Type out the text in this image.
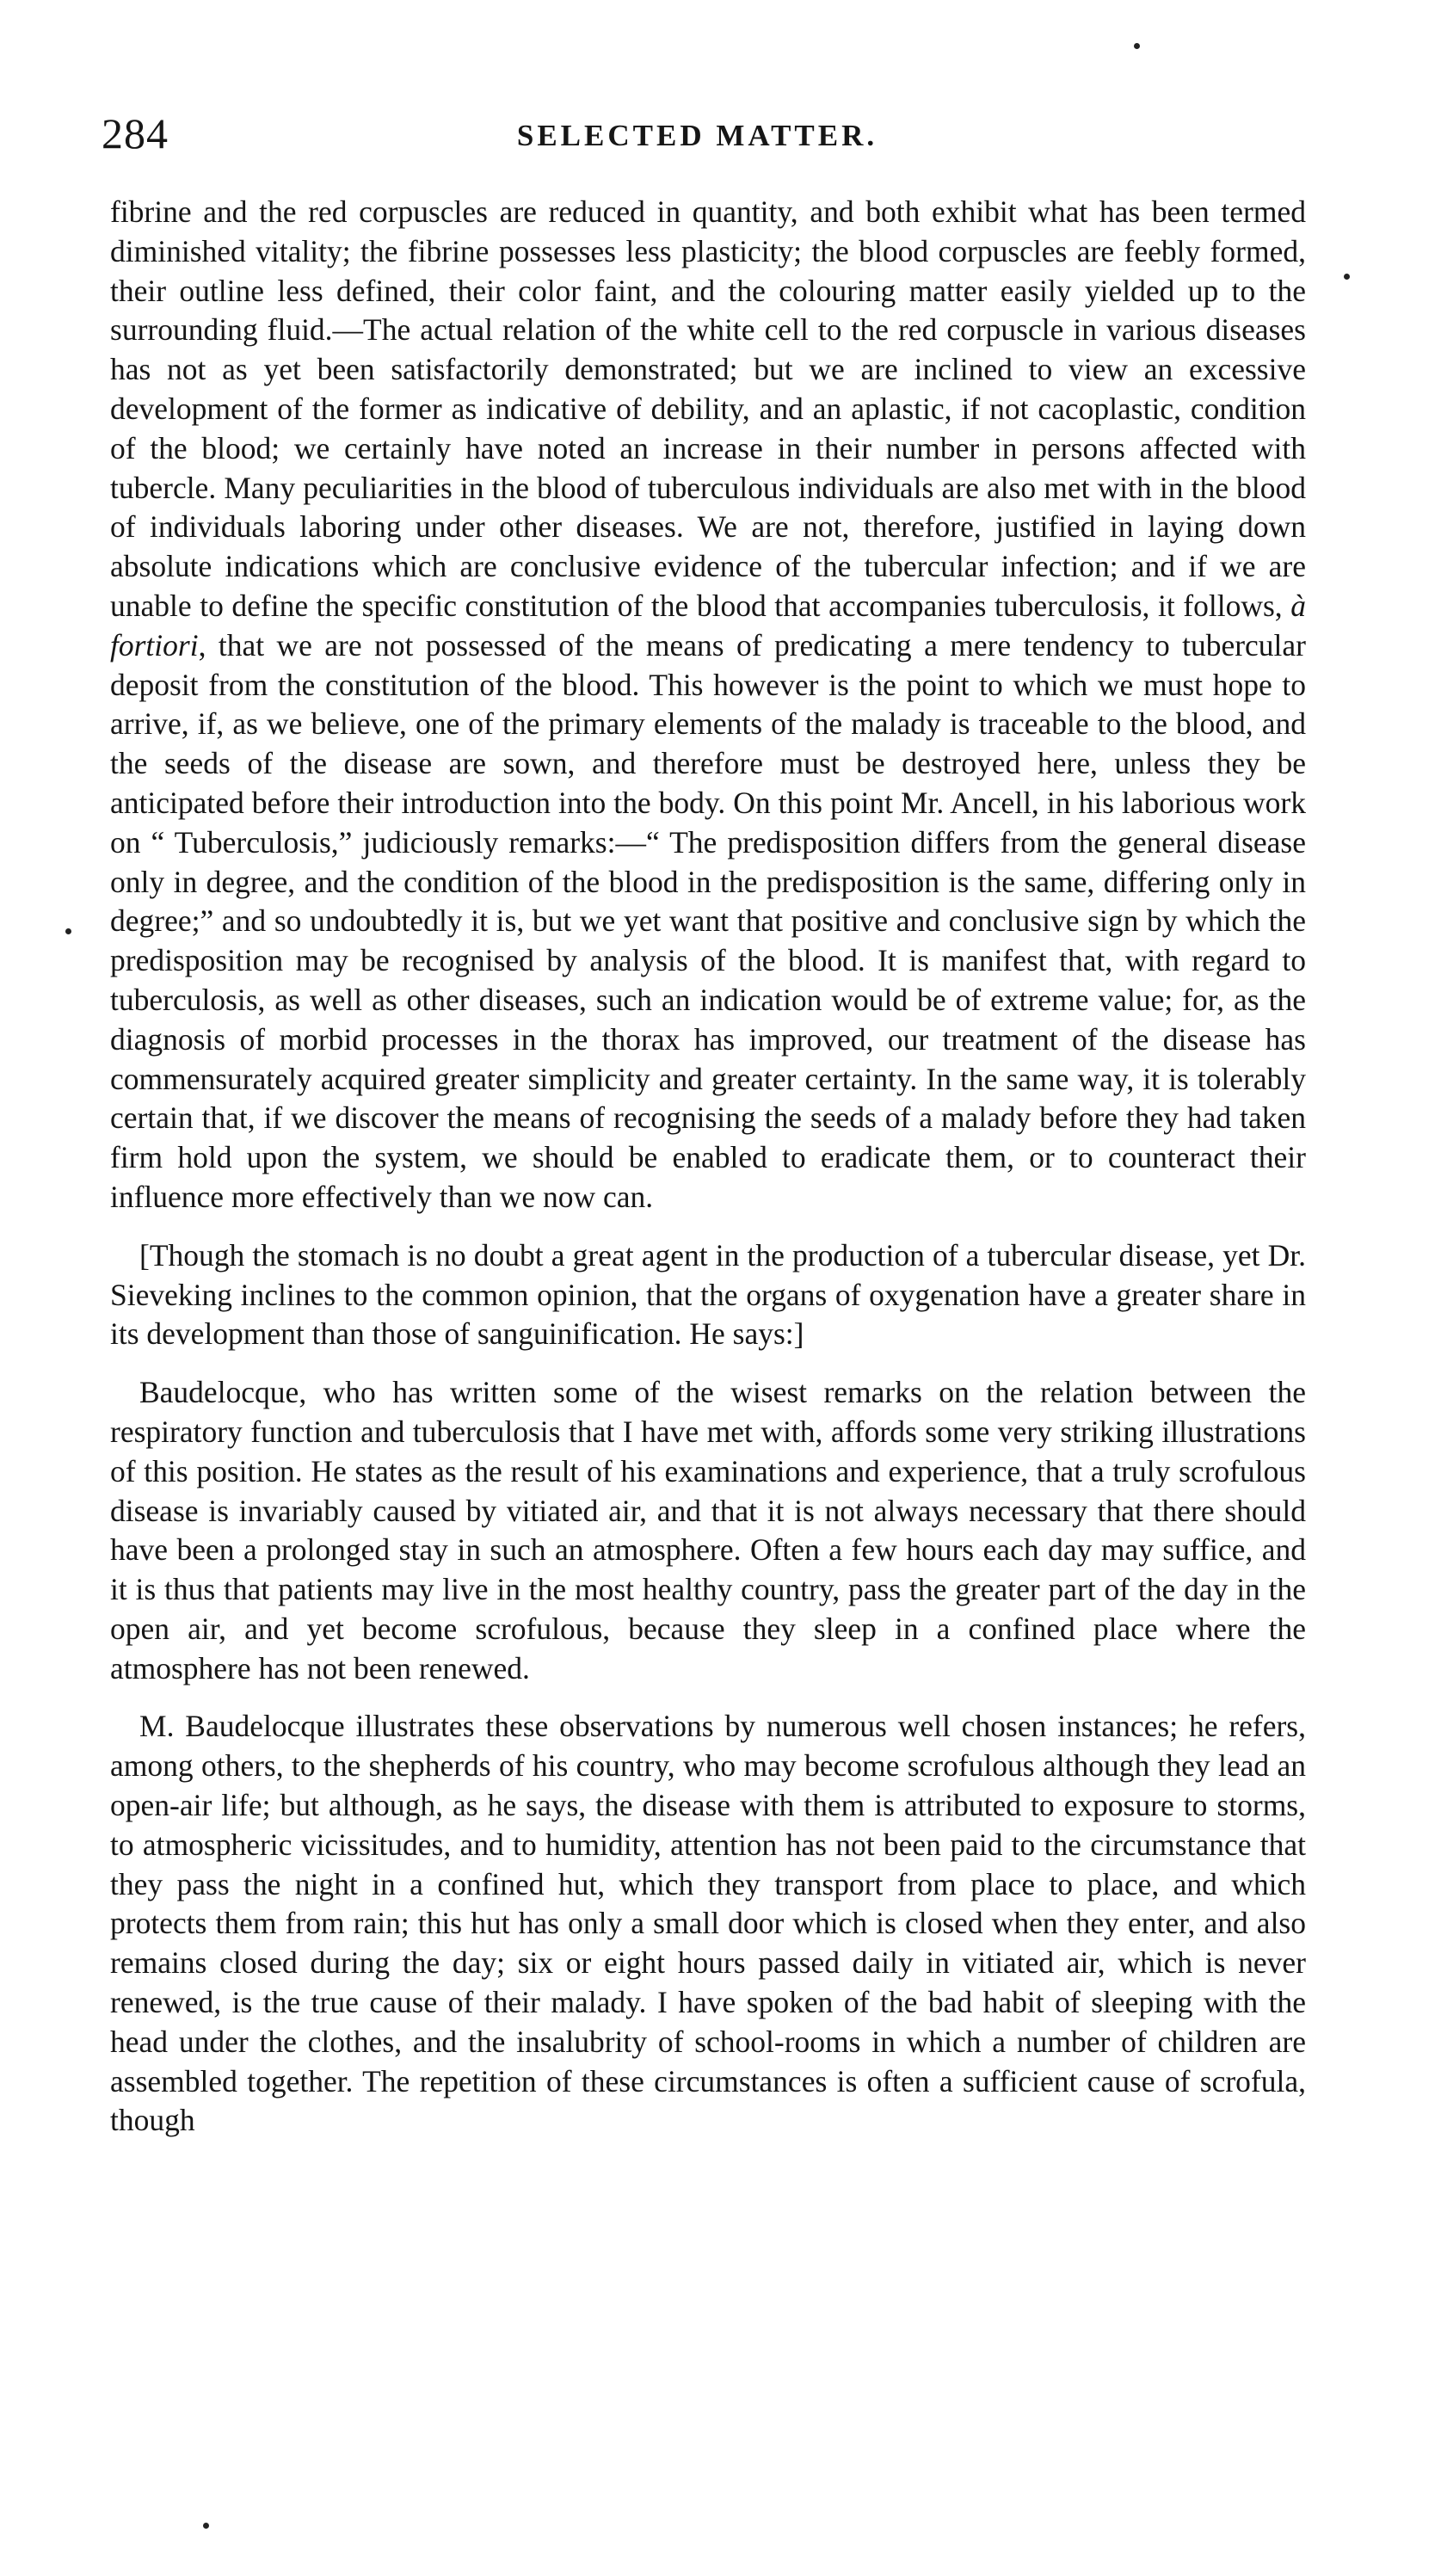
284	SELECTED MATTER.

fibrine and the red corpuscles are reduced in quantity, and both exhibit what has been termed diminished vitality; the fibrine possesses less plasticity; the blood corpuscles are feebly formed, their outline less defined, their color faint, and the colouring matter easily yielded up to the surrounding fluid.—The actual relation of the white cell to the red corpuscle in various diseases has not as yet been satisfactorily demonstrated; but we are inclined to view an excessive development of the former as indicative of debility, and an aplastic, if not cacoplastic, condition of the blood; we certainly have noted an increase in their number in persons affected with tubercle. Many peculiarities in the blood of tuberculous individuals are also met with in the blood of individuals laboring under other diseases. We are not, therefore, justified in laying down absolute indications which are conclusive evidence of the tubercular infection; and if we are unable to define the specific constitution of the blood that accompanies tuberculosis, it follows, à fortiori, that we are not possessed of the means of predicating a mere tendency to tubercular deposit from the constitution of the blood. This however is the point to which we must hope to arrive, if, as we believe, one of the primary elements of the malady is traceable to the blood, and the seeds of the disease are sown, and therefore must be destroyed here, unless they be anticipated before their introduction into the body. On this point Mr. Ancell, in his laborious work on “ Tuberculosis,” judiciously remarks:—“ The predisposition differs from the general disease only in degree, and the condition of the blood in the predisposition is the same, differing only in degree;” and so undoubtedly it is, but we yet want that positive and conclusive sign by which the predisposition may be recognised by analysis of the blood. It is manifest that, with regard to tuberculosis, as well as other diseases, such an indication would be of extreme value; for, as the diagnosis of morbid processes in the thorax has improved, our treatment of the disease has commensurately acquired greater simplicity and greater certainty. In the same way, it is tolerably certain that, if we discover the means of recognising the seeds of a malady before they had taken firm hold upon the system, we should be enabled to eradicate them, or to counteract their influence more effectively than we now can.

[Though the stomach is no doubt a great agent in the production of a tubercular disease, yet Dr. Sieveking inclines to the common opinion, that the organs of oxygenation have a greater share in its development than those of sanguinification. He says:]

Baudelocque, who has written some of the wisest remarks on the relation between the respiratory function and tuberculosis that I have met with, affords some very striking illustrations of this position. He states as the result of his examinations and experience, that a truly scrofulous disease is invariably caused by vitiated air, and that it is not always necessary that there should have been a prolonged stay in such an atmosphere. Often a few hours each day may suffice, and it is thus that patients may live in the most healthy country, pass the greater part of the day in the open air, and yet become scrofulous, because they sleep in a confined place where the atmosphere has not been renewed.

M. Baudelocque illustrates these observations by numerous well chosen instances; he refers, among others, to the shepherds of his country, who may become scrofulous although they lead an open-air life; but although, as he says, the disease with them is attributed to exposure to storms, to atmospheric vicissitudes, and to humidity, attention has not been paid to the circumstance that they pass the night in a confined hut, which they transport from place to place, and which protects them from rain; this hut has only a small door which is closed when they enter, and also remains closed during the day; six or eight hours passed daily in vitiated air, which is never renewed, is the true cause of their malady. I have spoken of the bad habit of sleeping with the head under the clothes, and the insalubrity of school-rooms in which a number of children are assembled together. The repetition of these circumstances is often a sufficient cause of scrofula, though
